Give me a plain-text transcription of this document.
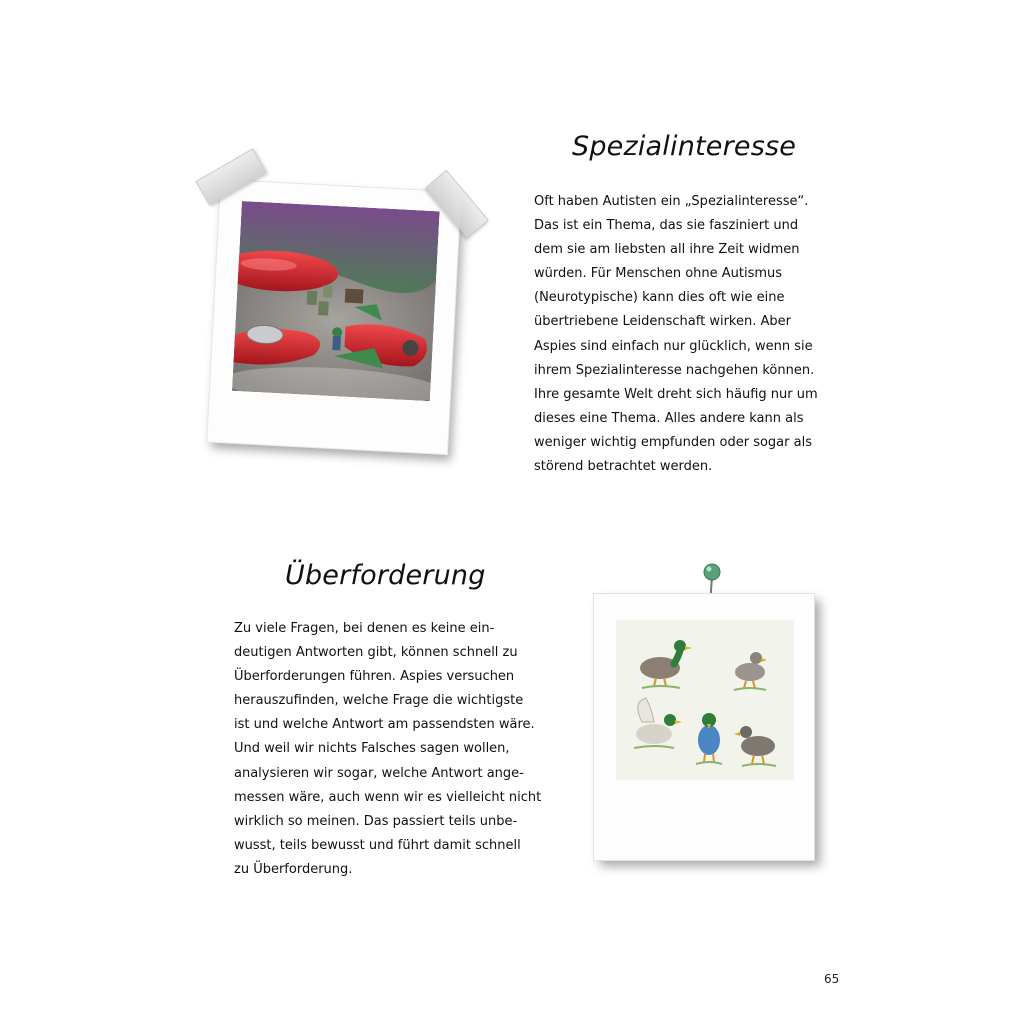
Spezialinteresse
Oft haben Autisten ein „Spezialinteresse“.
Das ist ein Thema, das sie fasziniert und
dem sie am liebsten all ihre Zeit widmen
würden. Für Menschen ohne Autismus
(Neurotypische) kann dies oft wie eine
übertriebene Leidenschaft wirken. Aber
Aspies sind einfach nur glücklich, wenn sie
ihrem Spezialinteresse nachgehen können.
Ihre gesamte Welt dreht sich häufig nur um
dieses eine Thema. Alles andere kann als
weniger wichtig empfunden oder sogar als
störend betrachtet werden.
Überforderung
Zu viele Fragen, bei denen es keine ein-
deutigen Antworten gibt, können schnell zu
Überforderungen führen. Aspies versuchen
herauszufinden, welche Frage die wichtigste
ist und welche Antwort am passendsten wäre.
Und weil wir nichts Falsches sagen wollen,
analysieren wir sogar, welche Antwort ange-
messen wäre, auch wenn wir es vielleicht nicht
wirklich so meinen. Das passiert teils unbe-
wusst, teils bewusst und führt damit schnell
zu Überforderung.
65
